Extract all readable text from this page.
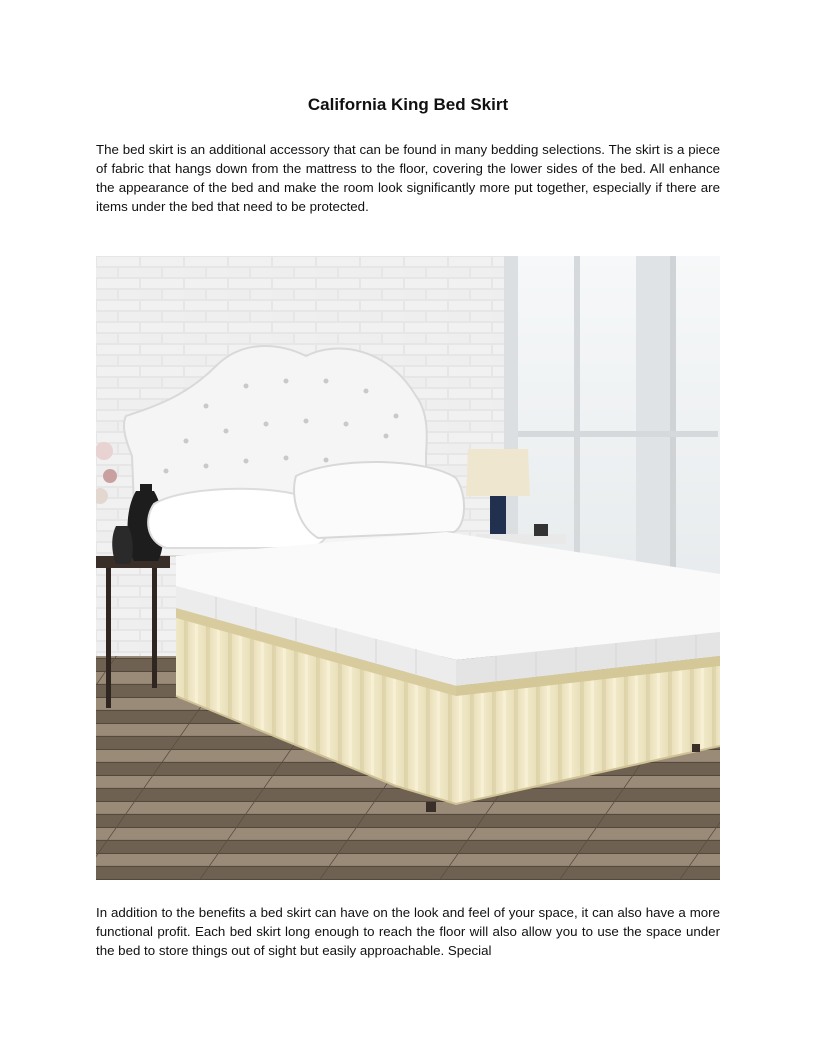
California King Bed Skirt

The bed skirt is an additional accessory that can be found in many bedding selections. The skirt is a piece of fabric that hangs down from the mattress to the floor, covering the lower sides of the bed. All enhance the appearance of the bed and make the room look significantly more put together, especially if there are items under the bed that need to be protected.

In addition to the benefits a bed skirt can have on the look and feel of your space, it can also have a more functional profit. Each bed skirt long enough to reach the floor will also allow you to use the space under the bed to store things out of sight but easily approachable. Special
